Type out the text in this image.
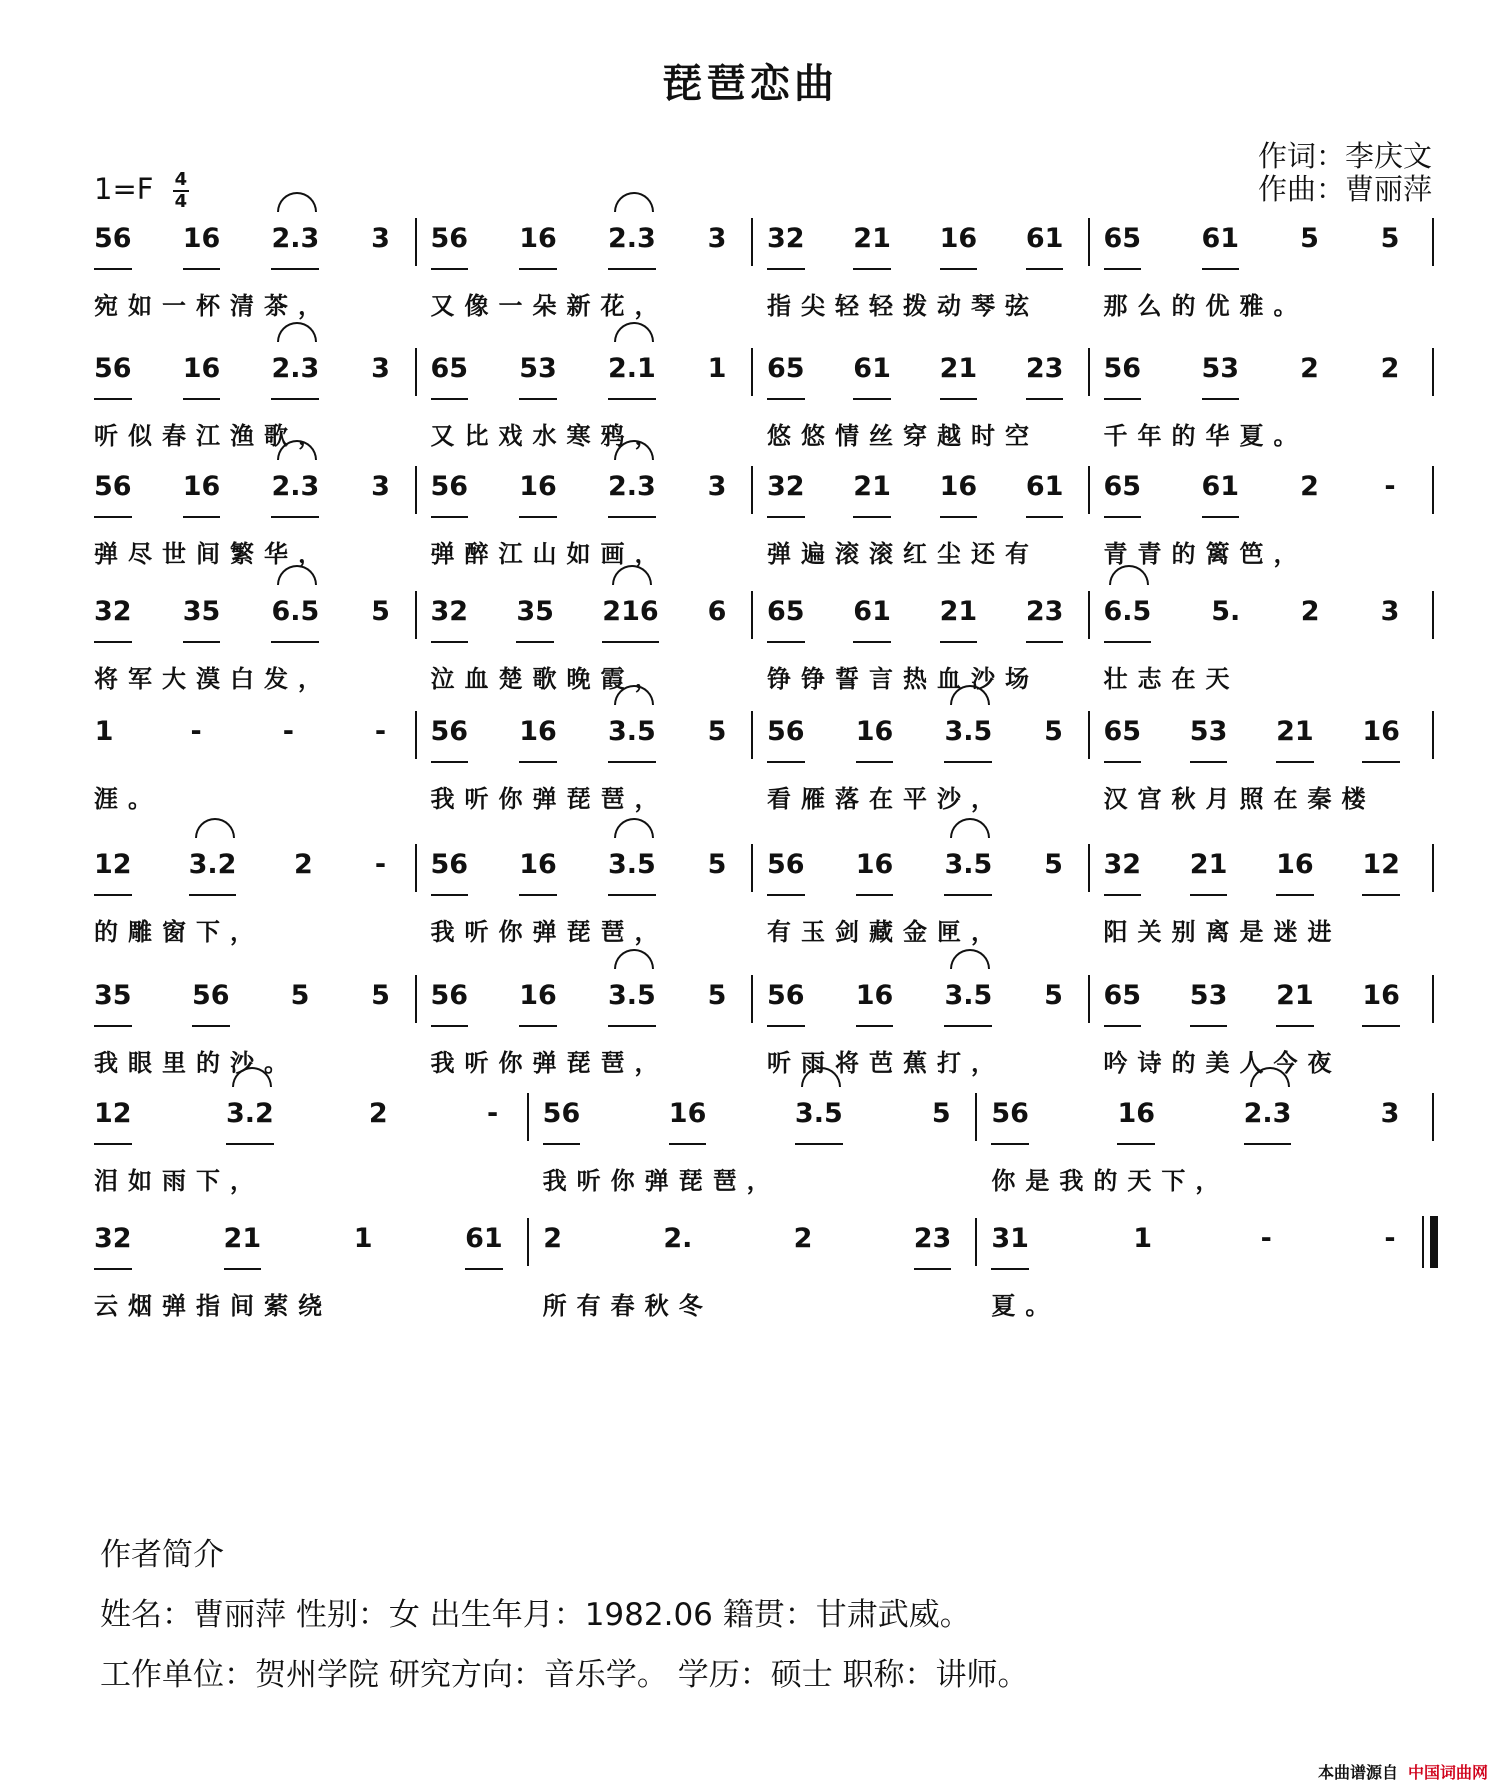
琵琶恋曲
作词：李庆文
作曲：曹丽萍
$1=F \frac{4}{4}$
56 16 2.3 3
宛如一杯清茶，
56 16 2.3 3
又像一朵新花，
32 21 16 61
指尖轻轻拨动琴弦
65 61 5 5
那么的优雅。
56 16 2.3 3
听似春江渔歌，
65 53 2.1 1
又比戏水寒鸦，
65 61 21 23
悠悠情丝穿越时空
56 53 2 2
千年的华夏。
56 16 2.3 3
弹尽世间繁华，
56 16 2.3 3
弹醉江山如画，
32 21 16 61
弹遍滚滚红尘还有
65 61 2 -
青青的篱笆，
32 35 6.5 5
将军大漠白发，
32 35 216 6
泣血楚歌晚霞，
65 61 21 23
铮铮誓言热血沙场
6.5 5. 2 3
壮志在天
1	-	-	-
涯。
56 16 3.5 5
我听你弹琵琶，
56 16 3.5 5
看雁落在平沙，
65 53 21 16
汉宫秋月照在秦楼
12 3.2 2 -
的雕窗下，
56 16 3.5 5
我听你弹琵琶，
56 16 3.5 5
有玉剑藏金匣，
32 21 16 12
阳关别离是迷进
35 56 5 5
我眼里的沙。
56 16 3.5 5
我听你弹琵琶，
56 16 3.5 5
听雨将芭蕉打，
65 53 21 16
吟诗的美人今夜
12	3.2	2	-
泪如雨下，
56	16	3.5	5
我听你弹琵琶，
56	16	2.3	3
你是我的天下，
32	21	1	61
云烟弹指间萦绕
2	2.	2	23
所有春秋冬
31	1	-	-
夏。
作者简介
姓名：曹丽萍 性别：女 出生年月：1982.06 籍贯：甘肃武威。
工作单位：贺州学院 研究方向：音乐学。 学历：硕士 职称：讲师。
本曲谱源自 中国词曲网
